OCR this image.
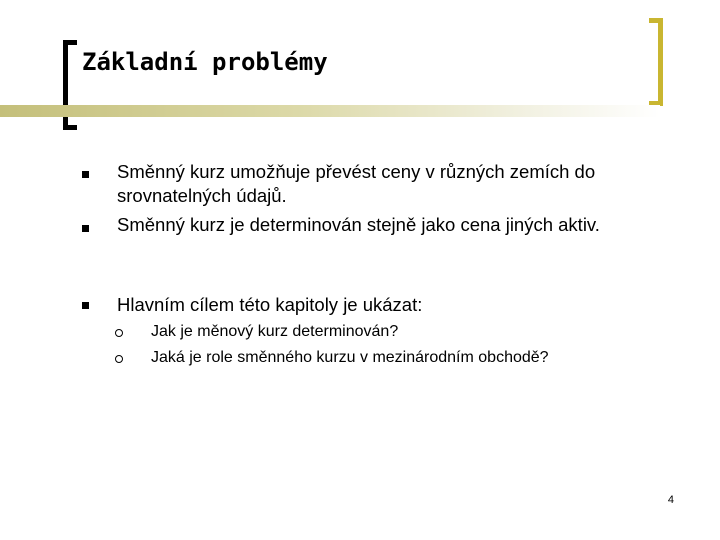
Základní problémy
Směnný kurz umožňuje převést ceny v různých zemích do srovnatelných údajů.
Směnný kurz je determinován stejně jako cena jiných aktiv.
Hlavním cílem této kapitoly je ukázat:
Jak je měnový kurz determinován?
Jaká je role směnného kurzu v mezinárodním obchodě?
4
